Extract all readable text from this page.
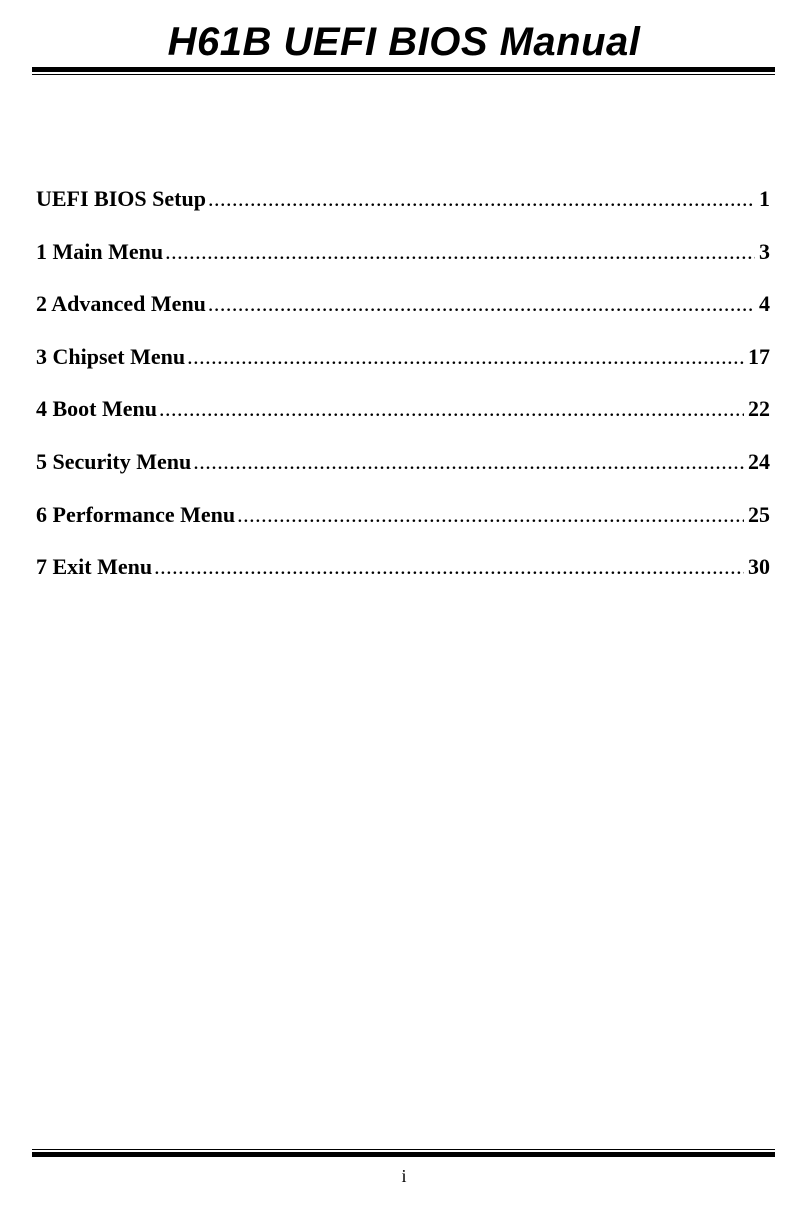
H61B UEFI BIOS Manual
UEFI BIOS Setup .....	1
1 Main Menu .....	3
2 Advanced Menu .....	4
3 Chipset Menu .....	17
4 Boot Menu .....	22
5 Security Menu .....	24
6 Performance Menu .....	25
7 Exit Menu .....	30
i
